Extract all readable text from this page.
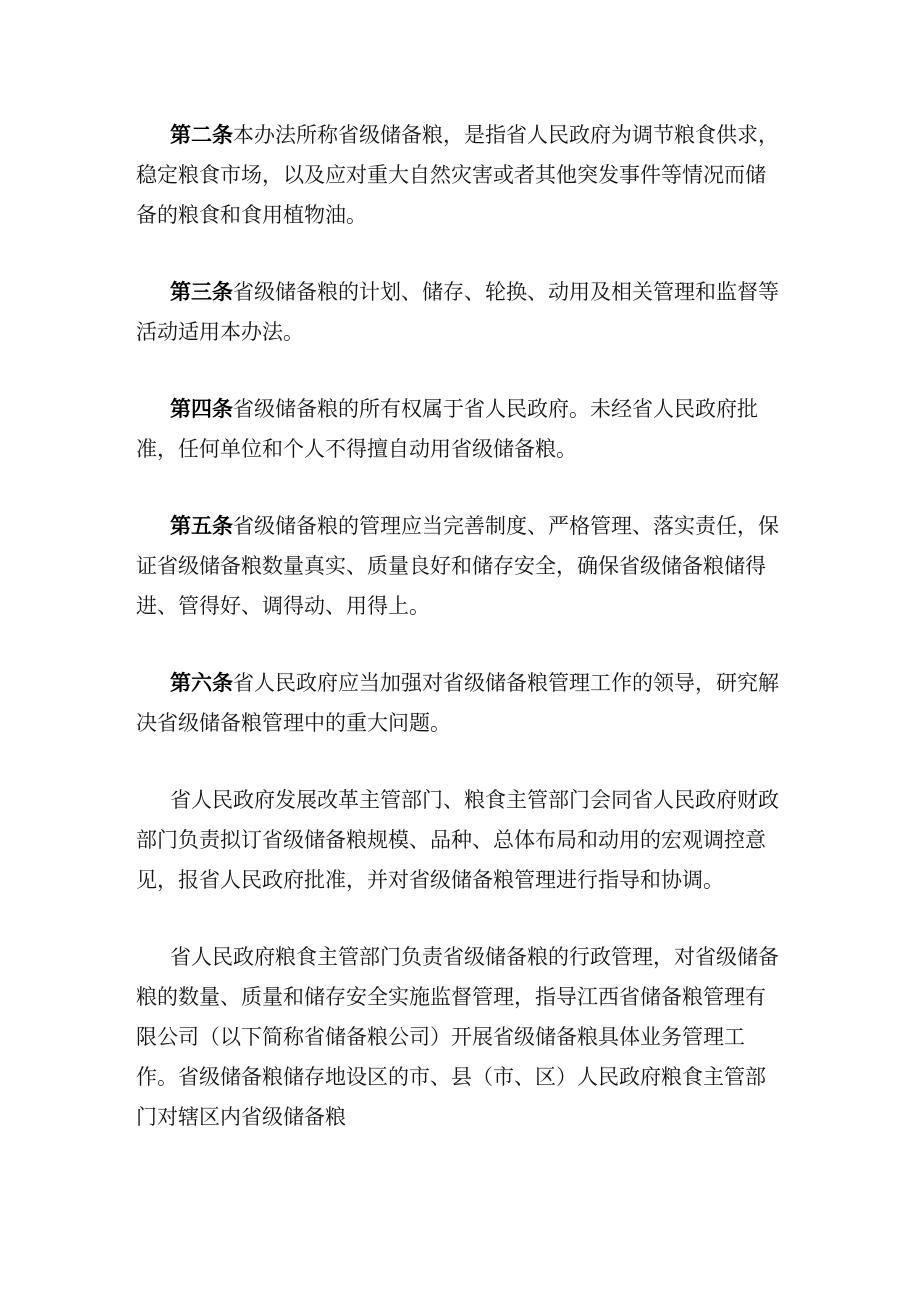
第二条本办法所称省级储备粮，是指省人民政府为调节粮食供求，稳定粮食市场，以及应对重大自然灾害或者其他突发事件等情况而储备的粮食和食用植物油。

第三条省级储备粮的计划、储存、轮换、动用及相关管理和监督等活动适用本办法。

第四条省级储备粮的所有权属于省人民政府。未经省人民政府批准，任何单位和个人不得擅自动用省级储备粮。

第五条省级储备粮的管理应当完善制度、严格管理、落实责任，保证省级储备粮数量真实、质量良好和储存安全，确保省级储备粮储得进、管得好、调得动、用得上。

第六条省人民政府应当加强对省级储备粮管理工作的领导，研究解决省级储备粮管理中的重大问题。

省人民政府发展改革主管部门、粮食主管部门会同省人民政府财政部门负责拟订省级储备粮规模、品种、总体布局和动用的宏观调控意见，报省人民政府批准，并对省级储备粮管理进行指导和协调。

省人民政府粮食主管部门负责省级储备粮的行政管理，对省级储备粮的数量、质量和储存安全实施监督管理，指导江西省储备粮管理有限公司（以下简称省储备粮公司）开展省级储备粮具体业务管理工作。省级储备粮储存地设区的市、县（市、区）人民政府粮食主管部门对辖区内省级储备粮
